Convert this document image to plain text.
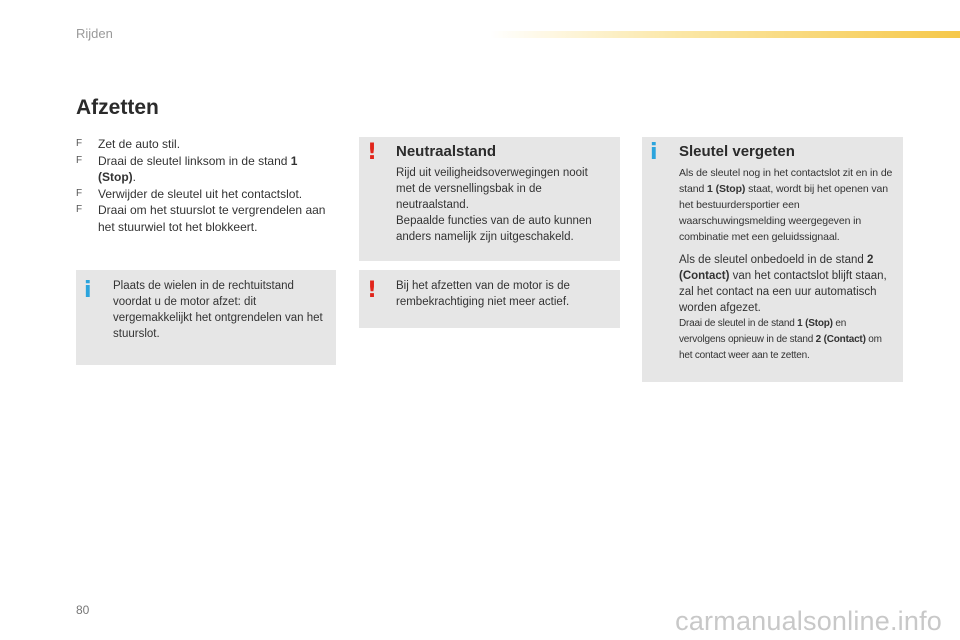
Rijden
Afzetten
F	Zet de auto stil.
F	Draai de sleutel linksom in de stand 1 (Stop).
F	Verwijder de sleutel uit het contactslot.
F	Draai om het stuurslot te vergrendelen aan het stuurwiel tot het blokkeert.
i Plaats de wielen in de rechtuitstand voordat u de motor afzet: dit vergemakkelijkt het ontgrendelen van het stuurslot.
! Neutraalstand
Rijd uit veiligheidsoverwegingen nooit met de versnellingsbak in de neutraalstand.
Bepaalde functies van de auto kunnen anders namelijk zijn uitgeschakeld.
! Bij het afzetten van de motor is de rembekrachtiging niet meer actief.
i Sleutel vergeten
Als de sleutel nog in het contactslot zit en in de stand 1 (Stop) staat, wordt bij het openen van het bestuurdersportier een waarschuwingsmelding weergegeven in combinatie met een geluidssignaal.
Als de sleutel onbedoeld in de stand 2 (Contact) van het contactslot blijft staan, zal het contact na een uur automatisch worden afgezet.
Draai de sleutel in de stand 1 (Stop) en vervolgens opnieuw in de stand 2 (Contact) om het contact weer aan te zetten.
80	carmanualsonline.info
